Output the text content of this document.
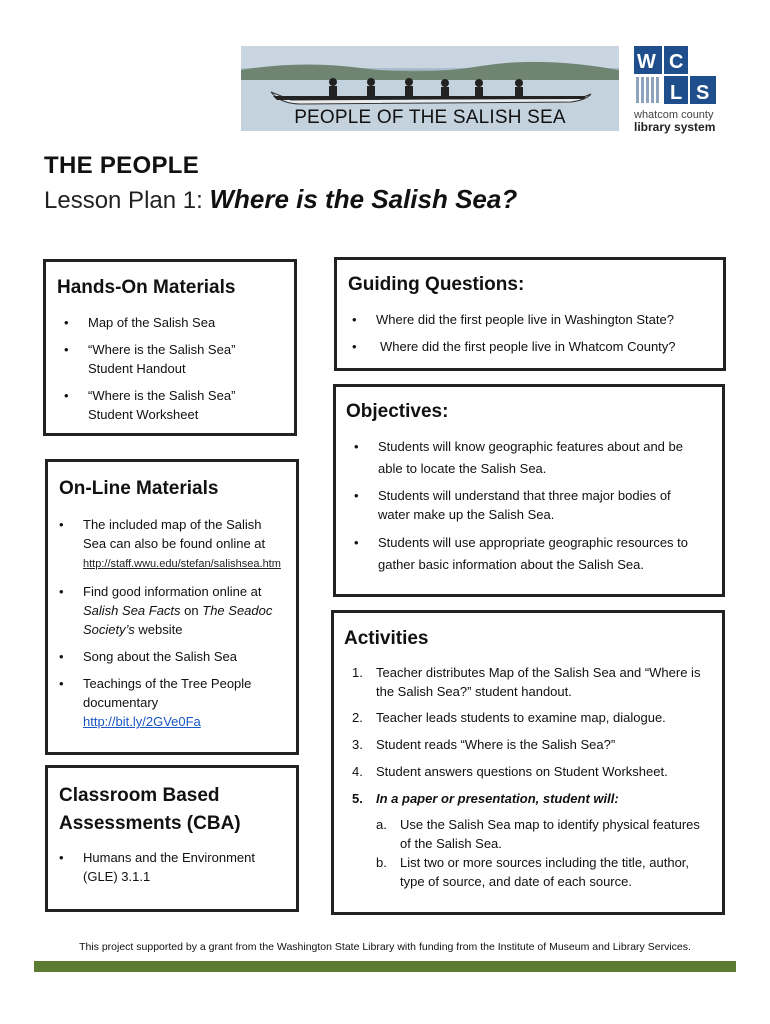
PEOPLE OF THE SALISH SEA
W C
L S
whatcom county
library system
THE PEOPLE
Lesson Plan 1: Where is the Salish Sea?
Hands-On Materials
• Map of the Salish Sea
• “Where is the Salish Sea” Student Handout
• “Where is the Salish Sea” Student Worksheet
On-Line Materials
• The included map of the Salish Sea can also be found online at
http://staff.wwu.edu/stefan/salishsea.htm
• Find good information online at Salish Sea Facts on The Seadoc Society’s website
• Song about the Salish Sea
• Teachings of the Tree People documentary
http://bit.ly/2GVe0Fa
Classroom Based
Assessments (CBA)
• Humans and the Environment (GLE) 3.1.1
Guiding Questions:
• Where did the first people live in Washington State?
• Where did the first people live in Whatcom County?
Objectives:
• Students will know geographic features about and be able to locate the Salish Sea.
• Students will understand that three major bodies of water make up the Salish Sea.
• Students will use appropriate geographic resources to gather basic information about the Salish Sea.
Activities
1. Teacher distributes Map of the Salish Sea and “Where is the Salish Sea?” student handout.
2. Teacher leads students to examine map, dialogue.
3. Student reads “Where is the Salish Sea?”
4. Student answers questions on Student Worksheet.
5. In a paper or presentation, student will:
a. Use the Salish Sea map to identify physical features of the Salish Sea.
b. List two or more sources including the title, author, type of source, and date of each source.
This project supported by a grant from the Washington State Library with funding from the Institute of Museum and Library Services.
